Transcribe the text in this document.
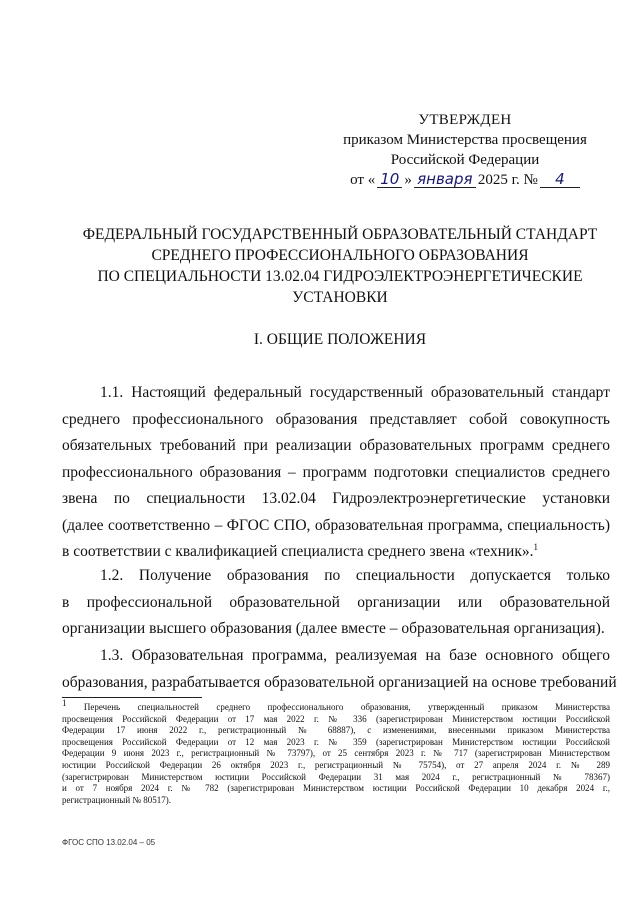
УТВЕРЖДЕН
приказом Министерства просвещения
Российской Федерации
от « 10 » января 2025 г. №	4
ФЕДЕРАЛЬНЫЙ ГОСУДАРСТВЕННЫЙ ОБРАЗОВАТЕЛЬНЫЙ СТАНДАРТ
СРЕДНЕГО ПРОФЕССИОНАЛЬНОГО ОБРАЗОВАНИЯ
ПО СПЕЦИАЛЬНОСТИ 13.02.04 ГИДРОЭЛЕКТРОЭНЕРГЕТИЧЕСКИЕ
УСТАНОВКИ
I. ОБЩИЕ ПОЛОЖЕНИЯ
1.1. Настоящий федеральный государственный образовательный стандарт
среднего профессионального образования представляет собой совокупность
обязательных требований при реализации образовательных программ среднего
профессионального образования – программ подготовки специалистов среднего
звена по специальности 13.02.04 Гидроэлектроэнергетические установки
(далее соответственно – ФГОС СПО, образовательная программа, специальность)
в соответствии с квалификацией специалиста среднего звена «техник».$^1$
1.2. Получение образования по специальности допускается только
в профессиональной образовательной организации или образовательной
организации высшего образования (далее вместе – образовательная организация).
1.3. Образовательная программа, реализуемая на базе основного общего
образования, разрабатывается образовательной организацией на основе требований
$^1$ Перечень специальностей среднего профессионального образования, утвержденный приказом Министерства
просвещения Российской Федерации от 17 мая 2022 г. № 336 (зарегистрирован Министерством юстиции Российской
Федерации 17 июня 2022 г., регистрационный № 68887), с изменениями, внесенными приказом Министерства
просвещения Российской Федерации от 12 мая 2023 г. № 359 (зарегистрирован Министерством юстиции Российской
Федерации 9 июня 2023 г., регистрационный № 73797), от 25 сентября 2023 г. № 717 (зарегистрирован Министерством
юстиции Российской Федерации 26 октября 2023 г., регистрационный № 75754), от 27 апреля 2024 г. № 289
(зарегистрирован Министерством юстиции Российской Федерации 31 мая 2024 г., регистрационный № 78367)
и от 7 ноября 2024 г. № 782 (зарегистрирован Министерством юстиции Российской Федерации 10 декабря 2024 г.,
регистрационный № 80517).
ФГОС СПО 13.02.04 – 05
